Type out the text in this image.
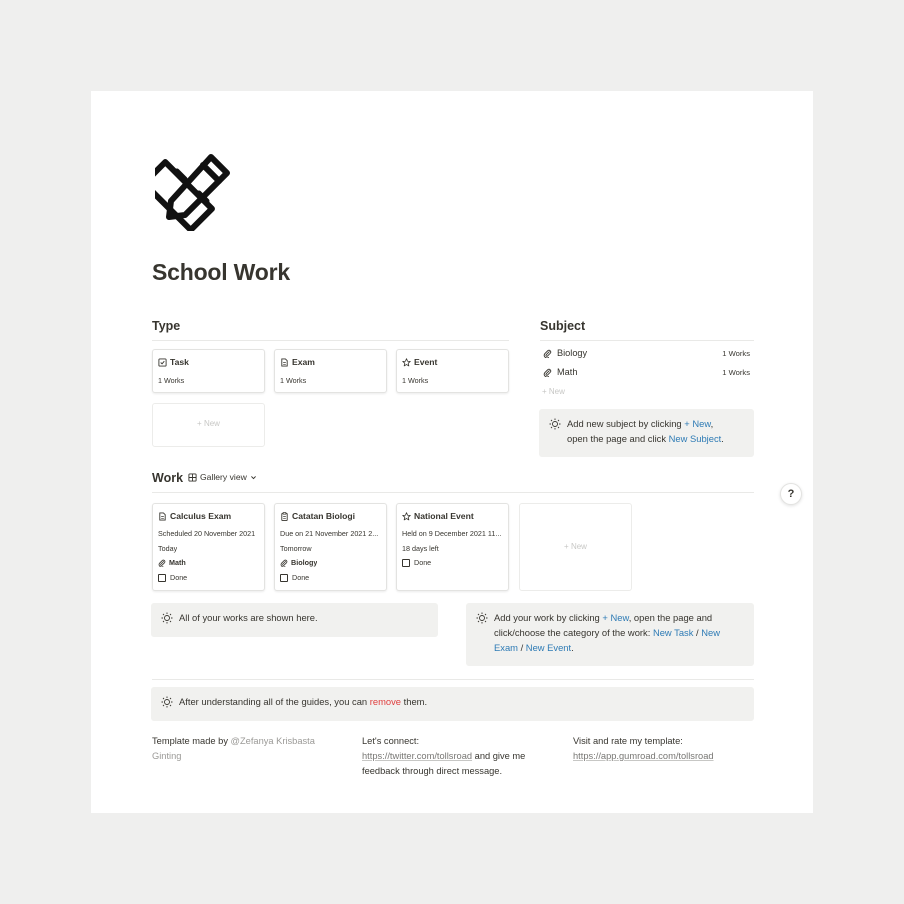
School Work
Type
Task
1 Works
Exam
1 Works
Event
1 Works
+ New
Subject
Biology	1 Works
Math	1 Works
+ New
Add new subject by clicking + New,
open the page and click New Subject.
Work Gallery view
Calculus Exam
Scheduled 20 November 2021
Today
Math
Done
Catatan Biologi
Due on 21 November 2021 2...
Tomorrow
Biology
Done
National Event
Held on 9 December 2021 11...
18 days left
Done
+ New
All of your works are shown here.	Add your work by clicking + New, open the page and
click/choose the category of the work: New Task / New
Exam / New Event.
After understanding all of the guides, you can remove them.
Template made by @Zefanya Krisbasta
Ginting
Let's connect:
https://twitter.com/tollsroad and give me
feedback through direct message.
Visit and rate my template:
https://app.gumroad.com/tollsroad
?
